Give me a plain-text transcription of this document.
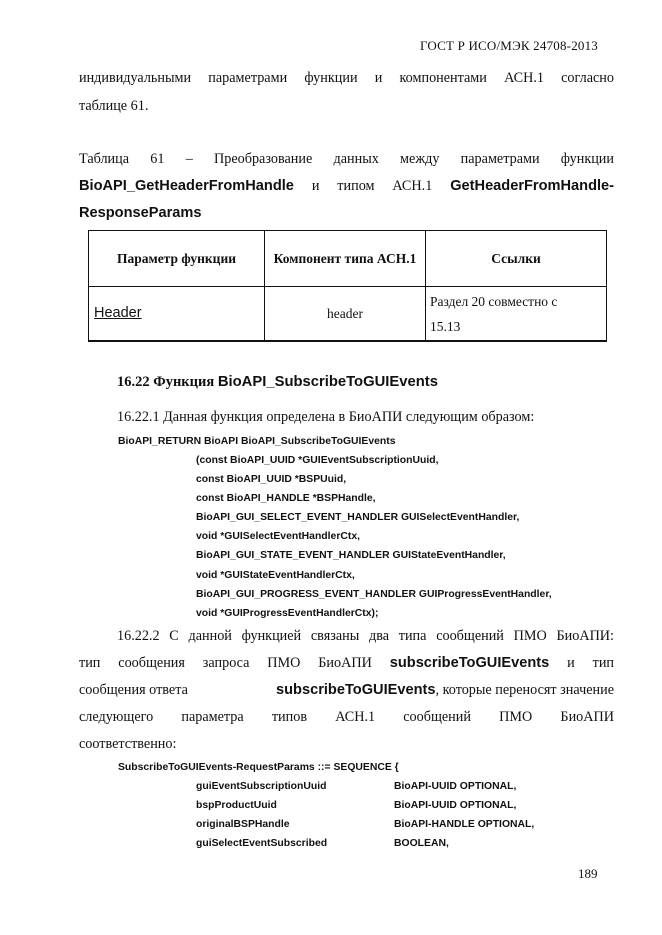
ГОСТ Р ИСО/МЭК 24708-2013
индивидуальными параметрами функции и компонентами АСН.1 согласно
таблице 61.
Таблица 61 – Преобразование данных между параметрами функции
BioAPI_GetHeaderFromHandle и типом АСН.1 GetHeaderFromHandle-
ResponseParams
Параметр функции	Компонент типа АСН.1	Ссылки
Header	header	Раздел 20 совместно с 15.13
16.22 Функция BioAPI_SubscribeToGUIEvents
16.22.1 Данная функция определена в БиоАПИ следующим образом:
BioAPI_RETURN BioAPI BioAPI_SubscribeToGUIEvents
(const BioAPI_UUID *GUIEventSubscriptionUuid,
const BioAPI_UUID *BSPUuid,
const BioAPI_HANDLE *BSPHandle,
BioAPI_GUI_SELECT_EVENT_HANDLER GUISelectEventHandler,
void *GUISelectEventHandlerCtx,
BioAPI_GUI_STATE_EVENT_HANDLER GUIStateEventHandler,
void *GUIStateEventHandlerCtx,
BioAPI_GUI_PROGRESS_EVENT_HANDLER GUIProgressEventHandler,
void *GUIProgressEventHandlerCtx);
16.22.2 С данной функцией связаны два типа сообщений ПМО БиоАПИ:
тип сообщения запроса ПМО БиоАПИ subscribeToGUIEvents и тип
сообщения ответа	subscribeToGUIEvents, которые переносят значение
следующего параметра типов АСН.1 сообщений ПМО БиоАПИ
соответственно:
SubscribeToGUIEvents-RequestParams ::= SEQUENCE {
guiEventSubscriptionUuid	BioAPI-UUID OPTIONAL,
bspProductUuid	BioAPI-UUID OPTIONAL,
originalBSPHandle	BioAPI-HANDLE OPTIONAL,
guiSelectEventSubscribed	BOOLEAN,
189
